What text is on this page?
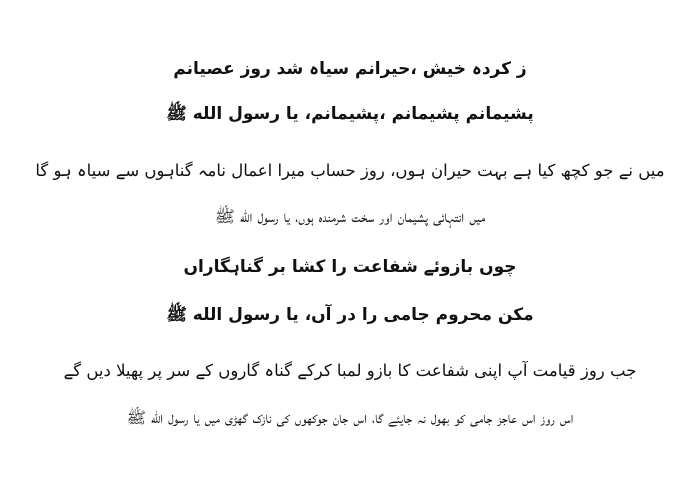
ز کردہ خیش ،حیرانم سیاہ شد روز عصیانم
پشیمانم پشیمانم ،پشیمانم، یا رسول الله ﷺ
میں نے جو کچھ کیا ہے بہت حیران ہوں، روز حساب میرا اعمال نامہ گناہوں سے سیاہ ہو گا
میں انتہائی پشیمان اور سخت شرمندہ ہوں، یا رسول الله ﷺ
چوں بازوئے شفاعت را کشا بر گناہگاراں
مکن محروم جامی را در آں، یا رسول الله ﷺ
جب روز قیامت آپ اپنی شفاعت کا بازو لمبا کرکے گناہ گاروں کے سر پر پھیلا دیں گے
اس روز اس عاجز جامی کو بھول نہ جایئے گا، اس جان جوکھوں کی نازک گھڑی میں یا رسول الله ﷺ
